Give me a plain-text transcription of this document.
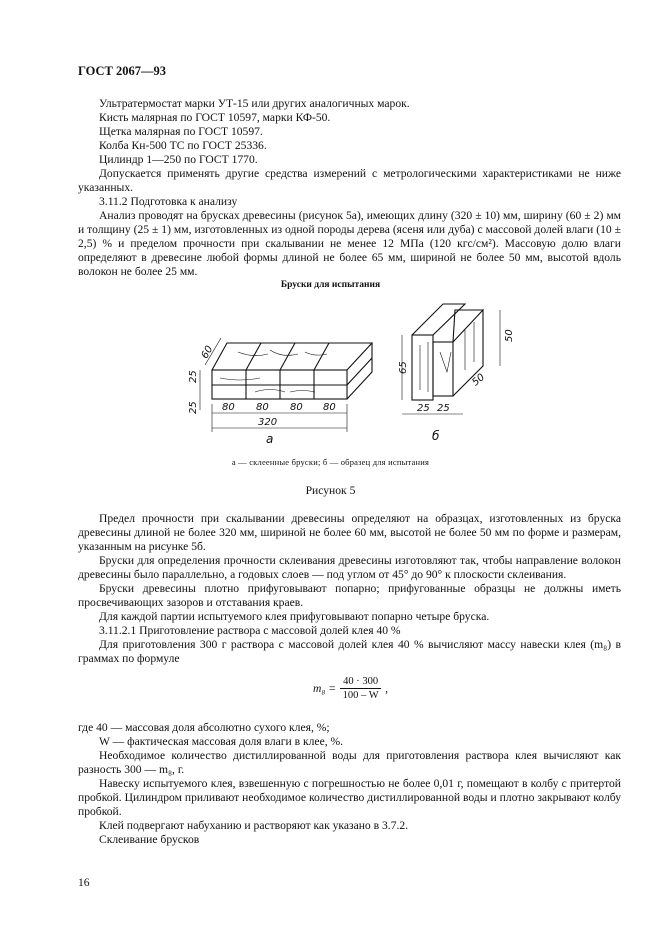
ГОСТ 2067—93

Ультратермостат марки УТ-15 или других аналогичных марок.

Кисть малярная по ГОСТ 10597, марки КФ-50.

Щетка малярная по ГОСТ 10597.

Колба Кн-500 ТС по ГОСТ 25336.

Цилиндр 1—250 по ГОСТ 1770.

Допускается применять другие средства измерений с метрологическими характеристиками не ниже указанных.

3.11.2 Подготовка к анализу

Анализ проводят на брусках древесины (рисунок 5а), имеющих длину (320 ± 10) мм, ширину (60 ± 2) мм и толщину (25 ± 1) мм, изготовленных из одной породы дерева (ясеня или дуба) с массовой долей влаги (10 ± 2,5) % и пределом прочности при скалывании не менее 12 МПа (120 кгс/см²). Массовую долю влаги определяют в древесине любой формы длиной не более 65 мм, шириной не более 50 мм, высотой вдоль волокон не более 25 мм.

Бруски для испытания
60
25
25 80 80 80 80
320
а
65
50
50
25 25
б
а — склеенные бруски; б — образец для испытания
Рисунок 5

Предел прочности при скалывании древесины определяют на образцах, изготовленных из бруска древесины длиной не более 320 мм, шириной не более 60 мм, высотой не более 50 мм по форме и размерам, указанным на рисунке 5б.

Бруски для определения прочности склеивания древесины изготовляют так, чтобы направление волокон древесины было параллельно, а годовых слоев — под углом от 45° до 90° к плоскости склеивания.

Бруски древесины плотно прифуговывают попарно; прифугованные образцы не должны иметь просвечивающих зазоров и отставания краев.

Для каждой партии испытуемого клея прифуговывают попарно четыре бруска.

3.11.2.1 Приготовление раствора с массовой долей клея 40 %

Для приготовления 300 г раствора с массовой долей клея 40 % вычисляют массу навески клея (m₈) в граммах по формуле

$m_8 = \frac{40 \cdot 300}{100 - W}$ ,

где 40 — массовая доля абсолютно сухого клея, %;

W — фактическая массовая доля влаги в клее, %.

Необходимое количество дистиллированной воды для приготовления раствора клея вычисляют как разность 300 — m₈, г.

Навеску испытуемого клея, взвешенную с погрешностью не более 0,01 г, помещают в колбу с притертой пробкой. Цилиндром приливают необходимое количество дистиллированной воды и плотно закрывают колбу пробкой.

Клей подвергают набуханию и растворяют как указано в 3.7.2.

Склеивание брусков

16
